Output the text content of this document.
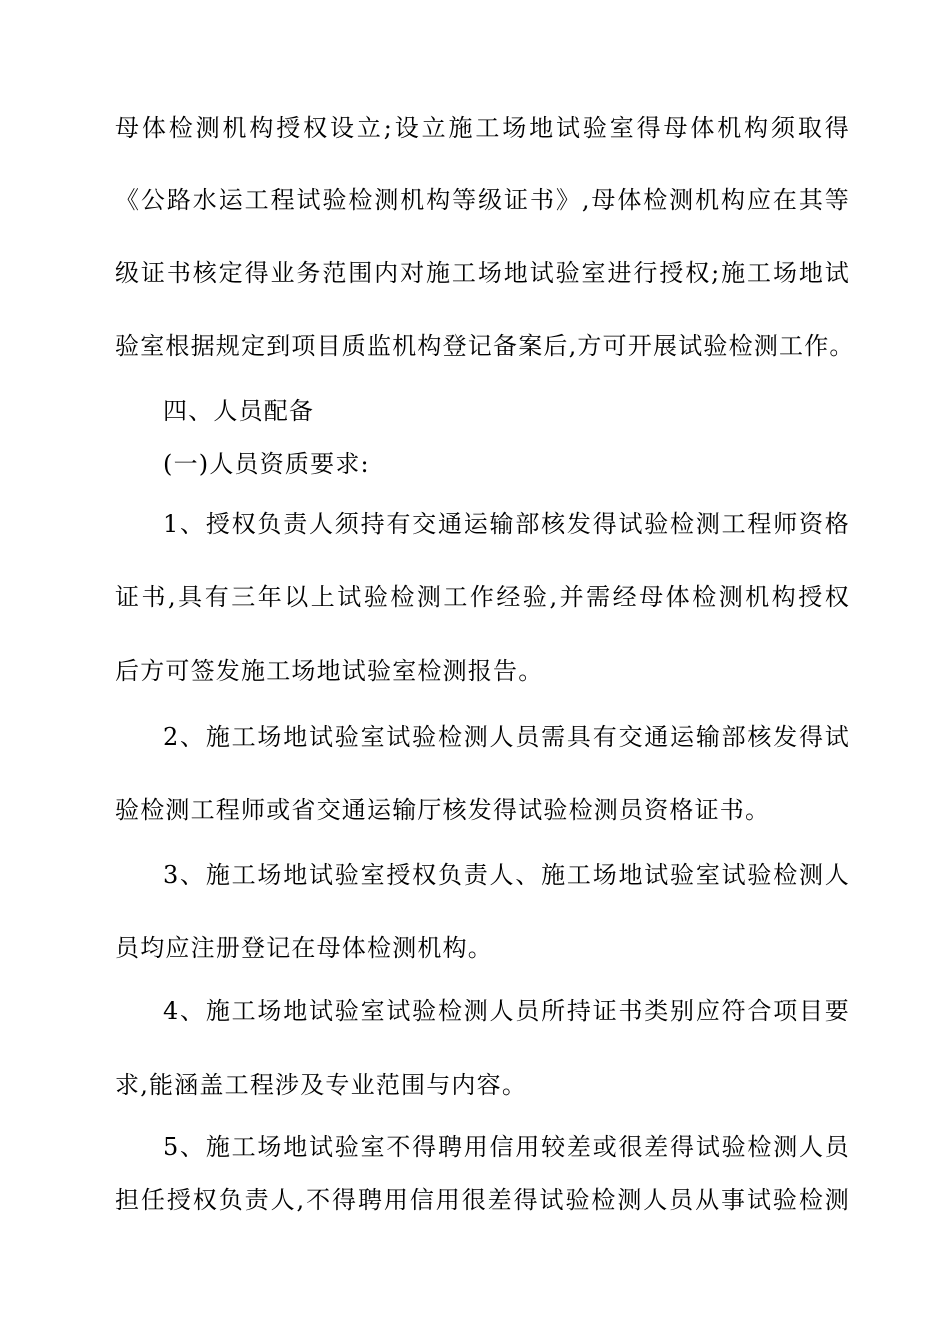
母体检测机构授权设立;设立施工场地试验室得母体机构须取得
《公路水运工程试验检测机构等级证书》,母体检测机构应在其等
级证书核定得业务范围内对施工场地试验室进行授权;施工场地试
验室根据规定到项目质监机构登记备案后,方可开展试验检测工作。
四、人员配备
(一)人员资质要求:
1、授权负责人须持有交通运输部核发得试验检测工程师资格
证书,具有三年以上试验检测工作经验,并需经母体检测机构授权
后方可签发施工场地试验室检测报告。
2、施工场地试验室试验检测人员需具有交通运输部核发得试
验检测工程师或省交通运输厅核发得试验检测员资格证书。
3、施工场地试验室授权负责人、施工场地试验室试验检测人
员均应注册登记在母体检测机构。
4、施工场地试验室试验检测人员所持证书类别应符合项目要
求,能涵盖工程涉及专业范围与内容。
5、施工场地试验室不得聘用信用较差或很差得试验检测人员
担任授权负责人,不得聘用信用很差得试验检测人员从事试验检测
